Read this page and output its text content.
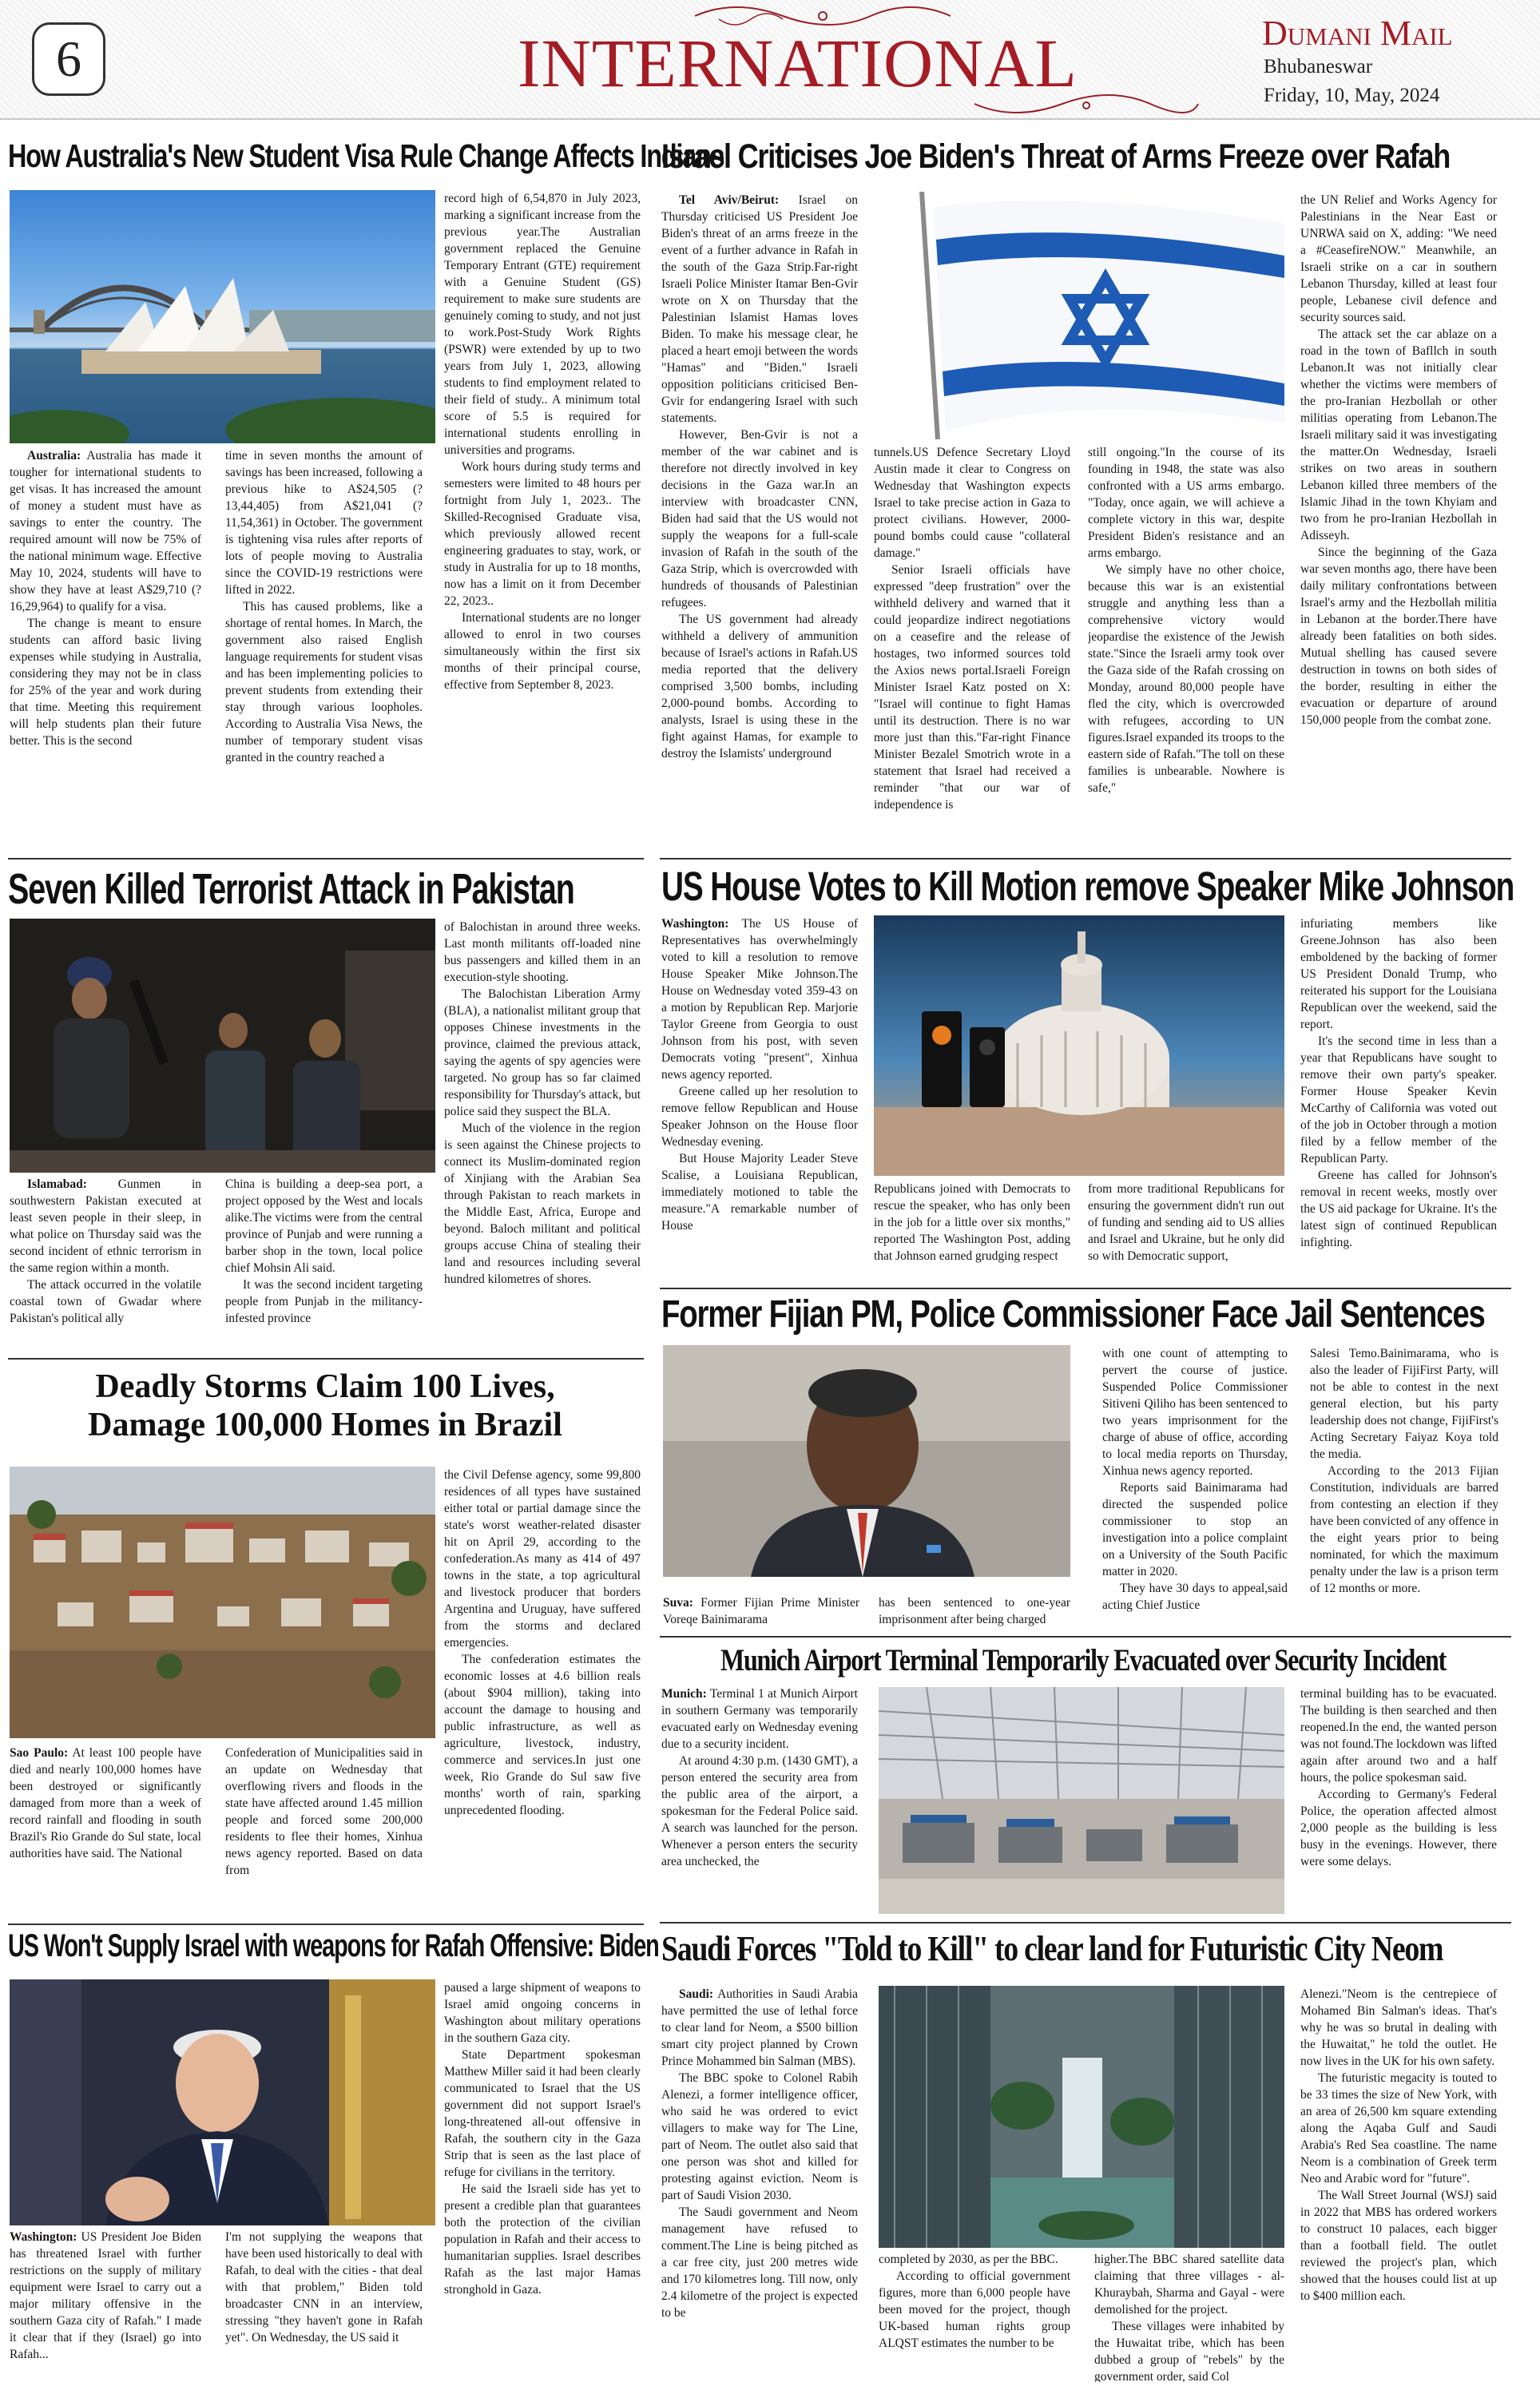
6	INTERNATIONAL	Dumani Mail
Bhubaneswar
Friday, 10, May, 2024
How Australia's New Student Visa Rule Change Affects Indians

Australia: Australia has made it tougher for international students to get visas. It has increased the amount of money a student must have as savings to enter the country. The required amount will now be 75% of the national minimum wage. Effective May 10, 2024, students will have to show they have at least A$29,710 (?16,29,964) to qualify for a visa.

The change is meant to ensure students can afford basic living expenses while studying in Australia, considering they may not be in class for 25% of the year and work during that time. Meeting this requirement will help students plan their future better. This is the second

time in seven months the amount of savings has been increased, following a previous hike to A$24,505 (?13,44,405) from A$21,041 (?11,54,361) in October. The government is tightening visa rules after reports of lots of people moving to Australia since the COVID-19 restrictions were lifted in 2022.

This has caused problems, like a shortage of rental homes. In March, the government also raised English language requirements for student visas and has been implementing policies to prevent students from extending their stay through various loopholes. According to Australia Visa News, the number of temporary student visas granted in the country reached a

record high of 6,54,870 in July 2023, marking a significant increase from the previous year.The Australian government replaced the Genuine Temporary Entrant (GTE) requirement with a Genuine Student (GS) requirement to make sure students are genuinely coming to study, and not just to work.Post-Study Work Rights (PSWR) were extended by up to two years from July 1, 2023, allowing students to find employment related to their field of study.. A minimum total score of 5.5 is required for international students enrolling in universities and programs.

Work hours during study terms and semesters were limited to 48 hours per fortnight from July 1, 2023.. The Skilled-Recognised Graduate visa, which previously allowed recent engineering graduates to stay, work, or study in Australia for up to 18 months, now has a limit on it from December 22, 2023..

International students are no longer allowed to enrol in two courses simultaneously within the first six months of their principal course, effective from September 8, 2023.

Israel Criticises Joe Biden's Threat of Arms Freeze over Rafah

Tel Aviv/Beirut: Israel on Thursday criticised US President Joe Biden's threat of an arms freeze in the event of a further advance in Rafah in the south of the Gaza Strip.Far-right Israeli Police Minister Itamar Ben-Gvir wrote on X on Thursday that the Palestinian Islamist Hamas loves Biden. To make his message clear, he placed a heart emoji between the words "Hamas" and "Biden." Israeli opposition politicians criticised Ben-Gvir for endangering Israel with such statements.

However, Ben-Gvir is not a member of the war cabinet and is therefore not directly involved in key decisions in the Gaza war.In an interview with broadcaster CNN, Biden had said that the US would not supply the weapons for a full-scale invasion of Rafah in the south of the Gaza Strip, which is overcrowded with hundreds of thousands of Palestinian refugees.

The US government had already withheld a delivery of ammunition because of Israel's actions in Rafah.US media reported that the delivery comprised 3,500 bombs, including 2,000-pound bombs. According to analysts, Israel is using these in the fight against Hamas, for example to destroy the Islamists' underground

tunnels.US Defence Secretary Lloyd Austin made it clear to Congress on Wednesday that Washington expects Israel to take precise action in Gaza to protect civilians. However, 2000-pound bombs could cause "collateral damage."

Senior Israeli officials have expressed "deep frustration" over the withheld delivery and warned that it could jeopardize indirect negotiations on a ceasefire and the release of hostages, two informed sources told the Axios news portal.Israeli Foreign Minister Israel Katz posted on X: "Israel will continue to fight Hamas until its destruction. There is no war more just than this."Far-right Finance Minister Bezalel Smotrich wrote in a statement that Israel had received a reminder "that our war of independence is

still ongoing."In the course of its founding in 1948, the state was also confronted with a US arms embargo. "Today, once again, we will achieve a complete victory in this war, despite President Biden's resistance and an arms embargo.

We simply have no other choice, because this war is an existential struggle and anything less than a comprehensive victory would jeopardise the existence of the Jewish state."Since the Israeli army took over the Gaza side of the Rafah crossing on Monday, around 80,000 people have fled the city, which is overcrowded with refugees, according to UN figures.Israel expanded its troops to the eastern side of Rafah."The toll on these families is unbearable. Nowhere is safe,"

the UN Relief and Works Agency for Palestinians in the Near East or UNRWA said on X, adding: "We need a #CeasefireNOW." Meanwhile, an Israeli strike on a car in southern Lebanon Thursday, killed at least four people, Lebanese civil defence and security sources said.

The attack set the car ablaze on a road in the town of Bafllch in south Lebanon.It was not initially clear whether the victims were members of the pro-Iranian Hezbollah or other militias operating from Lebanon.The Israeli military said it was investigating the matter.On Wednesday, Israeli strikes on two areas in southern Lebanon killed three members of the Islamic Jihad in the town Khyiam and two from he pro-Iranian Hezbollah in Adisseyh.

Since the beginning of the Gaza war seven months ago, there have been daily military confrontations between Israel's army and the Hezbollah militia in Lebanon at the border.There have already been fatalities on both sides. Mutual shelling has caused severe destruction in towns on both sides of the border, resulting in either the evacuation or departure of around 150,000 people from the combat zone.

Seven Killed Terrorist Attack in Pakistan

Islamabad:	Gunmen in southwestern Pakistan executed at least seven people in their sleep, in what police on Thursday said was the second incident of ethnic terrorism in the same region within a month.

The attack occurred in the volatile coastal town of Gwadar where Pakistan's political ally

China is building a deep-sea port, a project opposed by the West and locals alike.The victims were from the central province of Punjab and were running a barber shop in the town, local police chief Mohsin Ali said.

It was the second incident targeting people from Punjab in the militancy-infested province

of Balochistan in around three weeks. Last month militants off-loaded nine bus passengers and killed them in an execution-style shooting.

The Balochistan Liberation Army (BLA), a nationalist militant group that opposes Chinese investments in the province, claimed the previous attack, saying the agents of spy agencies were targeted. No group has so far claimed responsibility for Thursday's attack, but police said they suspect the BLA.

Much of the violence in the region is seen against the Chinese projects to connect its Muslim-dominated region of Xinjiang with the Arabian Sea through Pakistan to reach markets in the Middle East, Africa, Europe and beyond. Baloch militant and political groups accuse China of stealing their land and resources including several hundred kilometres of shores.

Deadly Storms Claim 100 Lives,
Damage 100,000 Homes in Brazil

Sao Paulo: At least 100 people have died and nearly 100,000 homes have been destroyed or significantly damaged from more than a week of record rainfall and flooding in south Brazil's Rio Grande do Sul state, local authorities have said. The National

Confederation of Municipalities said in an update on Wednesday that overflowing rivers and floods in the state have affected around 1.45 million people and forced some 200,000 residents to flee their homes, Xinhua news agency reported. Based on data from

the Civil Defense agency, some 99,800 residences of all types have sustained either total or partial damage since the state's worst weather-related disaster hit on April 29, according to the confederation.As many as 414 of 497 towns in the state, a top agricultural and livestock producer that borders Argentina and Uruguay, have suffered from the storms and declared emergencies.

The confederation estimates the economic losses at 4.6 billion reals (about $904 million), taking into account the damage to housing and public infrastructure, as well as agriculture, livestock, industry, commerce and services.In just one week, Rio Grande do Sul saw five months' worth of rain, sparking unprecedented flooding.

US Won't Supply Israel with weapons for Rafah Offensive: Biden

Washington: US President Joe Biden has threatened Israel with further restrictions on the supply of military equipment were Israel to carry out a major military offensive in the southern Gaza city of Rafah." I made it clear that if they (Israel) go into Rafah...

I'm not supplying the weapons that have been used historically to deal with Rafah, to deal with the cities - that deal with that problem," Biden told broadcaster CNN in an interview, stressing "they haven't gone in Rafah yet". On Wednesday, the US said it

paused a large shipment of weapons to Israel amid ongoing concerns in Washington about military operations in the southern Gaza city.

State Department spokesman Matthew Miller said it had been clearly communicated to Israel that the US government did not support Israel's long-threatened all-out offensive in Rafah, the southern city in the Gaza Strip that is seen as the last place of refuge for civilians in the territory.

He said the Israeli side has yet to present a credible plan that guarantees both the protection of the civilian population in Rafah and their access to humanitarian supplies. Israel describes Rafah as the last major Hamas stronghold in Gaza.

US House Votes to Kill Motion remove Speaker Mike Johnson

Washington: The US House of Representatives has overwhelmingly voted to kill a resolution to remove House Speaker Mike Johnson.The House on Wednesday voted 359-43 on a motion by Republican Rep. Marjorie Taylor Greene from Georgia to oust Johnson from his post, with seven Democrats voting "present", Xinhua news agency reported.

Greene called up her resolution to remove fellow Republican and House Speaker Johnson on the House floor Wednesday evening.

But House Majority Leader Steve Scalise, a Louisiana Republican, immediately motioned to table the measure."A remarkable number of House

Republicans joined with Democrats to rescue the speaker, who has only been in the job for a little over six months," reported The Washington Post, adding that Johnson earned grudging respect

from more traditional Republicans for ensuring the government didn't run out of funding and sending aid to US allies and Israel and Ukraine, but he only did so with Democratic support,

infuriating members like Greene.Johnson has also been emboldened by the backing of former US President Donald Trump, who reiterated his support for the Louisiana Republican over the weekend, said the report.

It's the second time in less than a year that Republicans have sought to remove their own party's speaker. Former House Speaker Kevin McCarthy of California was voted out of the job in October through a motion filed by a fellow member of the Republican Party.

Greene has called for Johnson's removal in recent weeks, mostly over the US aid package for Ukraine. It's the latest sign of continued Republican infighting.

Former Fijian PM, Police Commissioner Face Jail Sentences

Suva: Former Fijian Prime Minister Voreqe Bainimarama

has been sentenced to one-year imprisonment after being charged

with one count of attempting to pervert the course of justice. Suspended Police Commissioner Sitiveni Qiliho has been sentenced to two years imprisonment for the charge of abuse of office, according to local media reports on Thursday, Xinhua news agency reported.

Reports said Bainimarama had directed the suspended police commissioner to stop an investigation into a police complaint on a University of the South Pacific matter in 2020.

They have 30 days to appeal,said acting Chief Justice

Salesi Temo.Bainimarama, who is also the leader of FijiFirst Party, will not be able to contest in the next general election, but his party leadership does not change, FijiFirst's Acting Secretary Faiyaz Koya told the media.

According to the 2013 Fijian Constitution, individuals are barred from contesting an election if they have been convicted of any offence in the eight years prior to being nominated, for which the maximum penalty under the law is a prison term of 12 months or more.

Munich Airport Terminal Temporarily Evacuated over Security Incident

Munich: Terminal 1 at Munich Airport in southern Germany was temporarily evacuated early on Wednesday evening due to a security incident.

At around 4:30 p.m. (1430 GMT), a person entered the security area from the public area of the airport, a spokesman for the Federal Police said. A search was launched for the person. Whenever a person enters the security area unchecked, the

terminal building has to be evacuated. The building is then searched and then reopened.In the end, the wanted person was not found.The lockdown was lifted again after around two and a half hours, the police spokesman said.

According to Germany's Federal Police, the operation affected almost 2,000 people as the building is less busy in the evenings. However, there were some delays.

Saudi Forces "Told to Kill" to clear land for Futuristic City Neom

Saudi: Authorities in Saudi Arabia have permitted the use of lethal force to clear land for Neom, a $500 billion smart city project planned by Crown Prince Mohammed bin Salman (MBS).

The BBC spoke to Colonel Rabih Alenezi, a former intelligence officer, who said he was ordered to evict villagers to make way for The Line, part of Neom. The outlet also said that one person was shot and killed for protesting against eviction. Neom is part of Saudi Vision 2030.

The Saudi government and Neom management have refused to comment.The Line is being pitched as a car free city, just 200 metres wide and 170 kilometres long. Till now, only 2.4 kilometre of the project is expected to be

completed by 2030, as per the BBC.

According to official government figures, more than 6,000 people have been moved for the project, though UK-based human rights group ALQST estimates the number to be

higher.The BBC shared satellite data claiming that three villages - al-Khuraybah, Sharma and Gayal - were demolished for the project.

These villages were inhabited by the Huwaitat tribe, which has been dubbed a group of "rebels" by the government order, said Col

Alenezi."Neom is the centrepiece of Mohamed Bin Salman's ideas. That's why he was so brutal in dealing with the Huwaitat," he told the outlet. He now lives in the UK for his own safety.

The futuristic megacity is touted to be 33 times the size of New York, with an area of 26,500 km square extending along the Aqaba Gulf and Saudi Arabia's Red Sea coastline. The name Neom is a combination of Greek term Neo and Arabic word for "future".

The Wall Street Journal (WSJ) said in 2022 that MBS has ordered workers to construct 10 palaces, each bigger than a football field. The outlet reviewed the project's plan, which showed that the houses could list at up to $400 million each.
